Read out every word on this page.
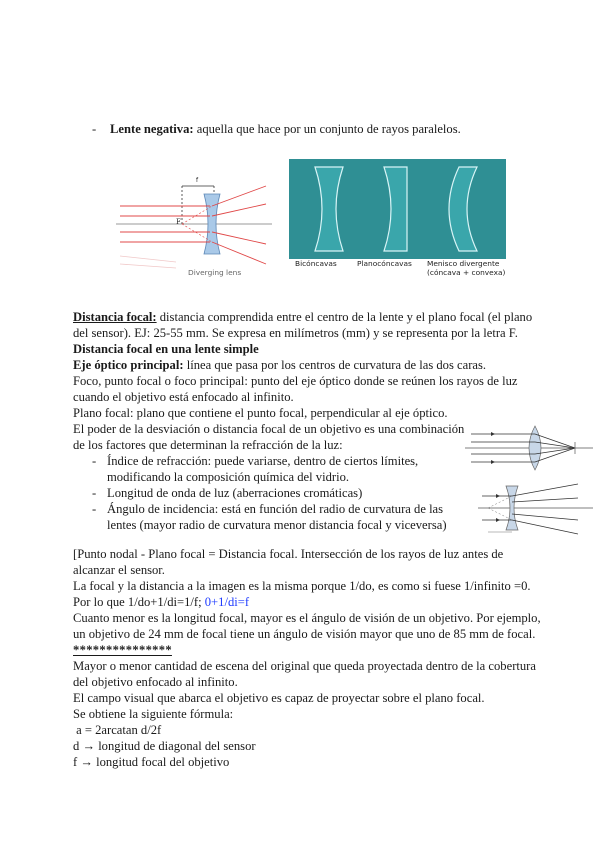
- Lente negativa: aquella que hace por un conjunto de rayos paralelos.
F
f
Diverging lens
Bicóncavas	Planocóncavas Menisco divergente
(cóncava + convexa)
Distancia focal: distancia comprendida entre el centro de la lente y el plano focal (el plano
del sensor). EJ: 25-55 mm. Se expresa en milímetros (mm) y se representa por la letra F.
Distancia focal en una lente simple
Eje óptico principal: línea que pasa por los centros de curvatura de las dos caras.
Foco, punto focal o foco principal: punto del eje óptico donde se reúnen los rayos de luz
cuando el objetivo está enfocado al infinito.
Plano focal: plano que contiene el punto focal, perpendicular al eje óptico.
El poder de la desviación o distancia focal de un objetivo es una combinación
de los factores que determinan la refracción de la luz:
- Índice de refracción: puede variarse, dentro de ciertos límites,
modificando la composición química del vidrio.
- Longitud de onda de luz (aberraciones cromáticas)
- Ángulo de incidencia: está en función del radio de curvatura de las
lentes (mayor radio de curvatura menor distancia focal y viceversa)
[Punto nodal - Plano focal = Distancia focal. Intersección de los rayos de luz antes de
alcanzar el sensor.
La focal y la distancia a la imagen es la misma porque 1/do, es como si fuese 1/infinito =0.
Por lo que 1/do+1/di=1/f; 0+1/di=f
Cuanto menor es la longitud focal, mayor es el ángulo de visión de un objetivo. Por ejemplo,
un objetivo de 24 mm de focal tiene un ángulo de visión mayor que uno de 85 mm de focal.
***************
Mayor o menor cantidad de escena del original que queda proyectada dentro de la cobertura
del objetivo enfocado al infinito.
El campo visual que abarca el objetivo es capaz de proyectar sobre el plano focal.
Se obtiene la siguiente fórmula:
a = 2arcatan d/2f
d → longitud de diagonal del sensor
f → longitud focal del objetivo
